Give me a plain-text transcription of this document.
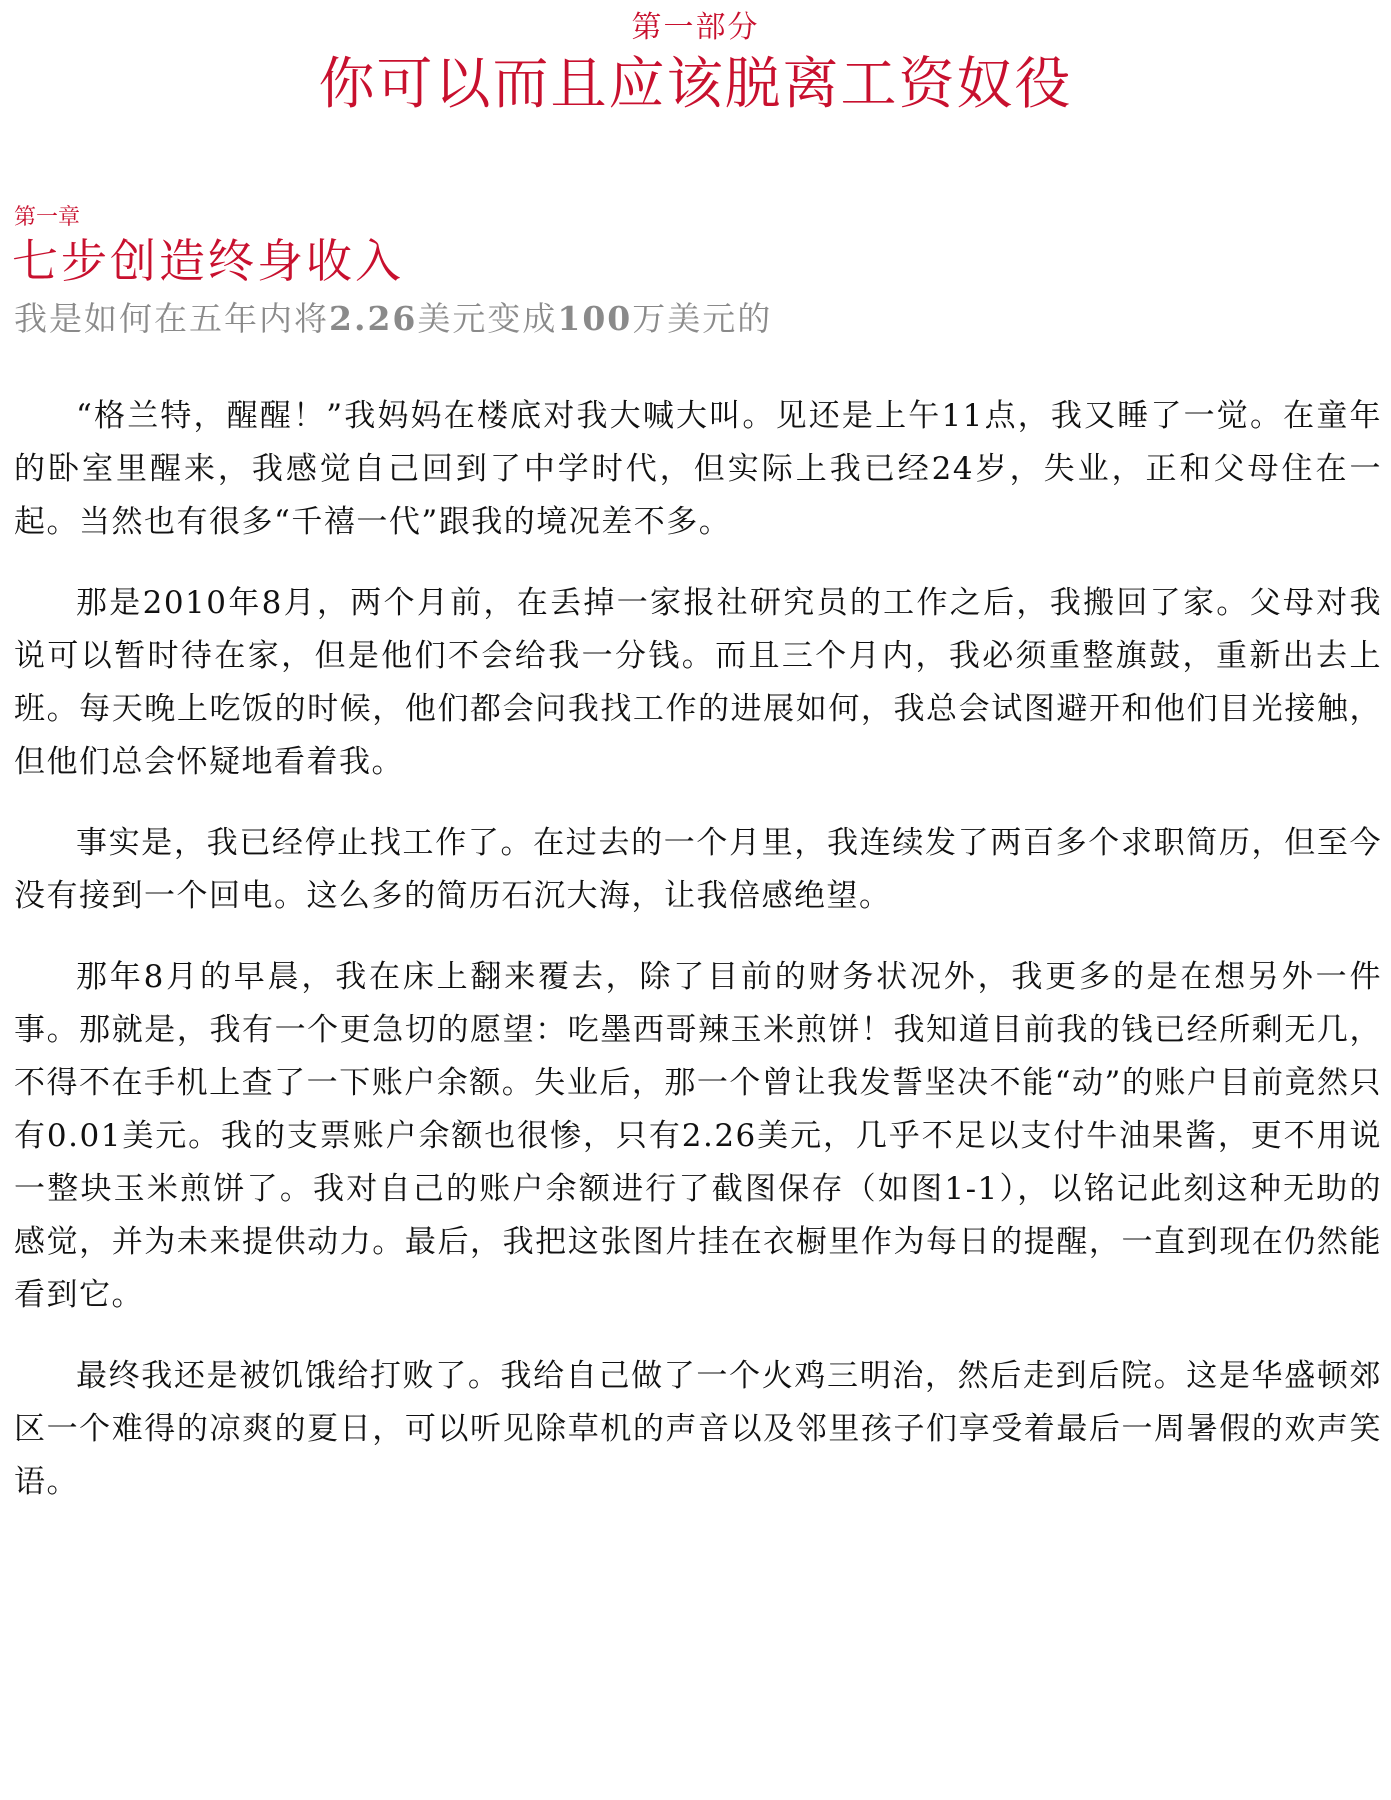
第一部分
你可以而且应该脱离工资奴役
第一章
七步创造终身收入
我是如何在五年内将2.26美元变成100万美元的

“格兰特，醒醒！”我妈妈在楼底对我大喊大叫。见还是上午11点，我又睡了一觉。在童年的卧室里醒来，我感觉自己回到了中学时代，但实际上我已经24岁，失业，正和父母住在一起。当然也有很多“千禧一代”跟我的境况差不多。

那是2010年8月，两个月前，在丢掉一家报社研究员的工作之后，我搬回了家。父母对我说可以暂时待在家，但是他们不会给我一分钱。而且三个月内，我必须重整旗鼓，重新出去上班。每天晚上吃饭的时候，他们都会问我找工作的进展如何，我总会试图避开和他们目光接触，但他们总会怀疑地看着我。

事实是，我已经停止找工作了。在过去的一个月里，我连续发了两百多个求职简历，但至今没有接到一个回电。这么多的简历石沉大海，让我倍感绝望。

那年8月的早晨，我在床上翻来覆去，除了目前的财务状况外，我更多的是在想另外一件事。那就是，我有一个更急切的愿望：吃墨西哥辣玉米煎饼！我知道目前我的钱已经所剩无几，不得不在手机上查了一下账户余额。失业后，那一个曾让我发誓坚决不能“动”的账户目前竟然只有0.01美元。我的支票账户余额也很惨，只有2.26美元，几乎不足以支付牛油果酱，更不用说一整块玉米煎饼了。我对自己的账户余额进行了截图保存（如图1-1），以铭记此刻这种无助的感觉，并为未来提供动力。最后，我把这张图片挂在衣橱里作为每日的提醒，一直到现在仍然能看到它。

最终我还是被饥饿给打败了。我给自己做了一个火鸡三明治，然后走到后院。这是华盛顿郊区一个难得的凉爽的夏日，可以听见除草机的声音以及邻里孩子们享受着最后一周暑假的欢声笑语。
